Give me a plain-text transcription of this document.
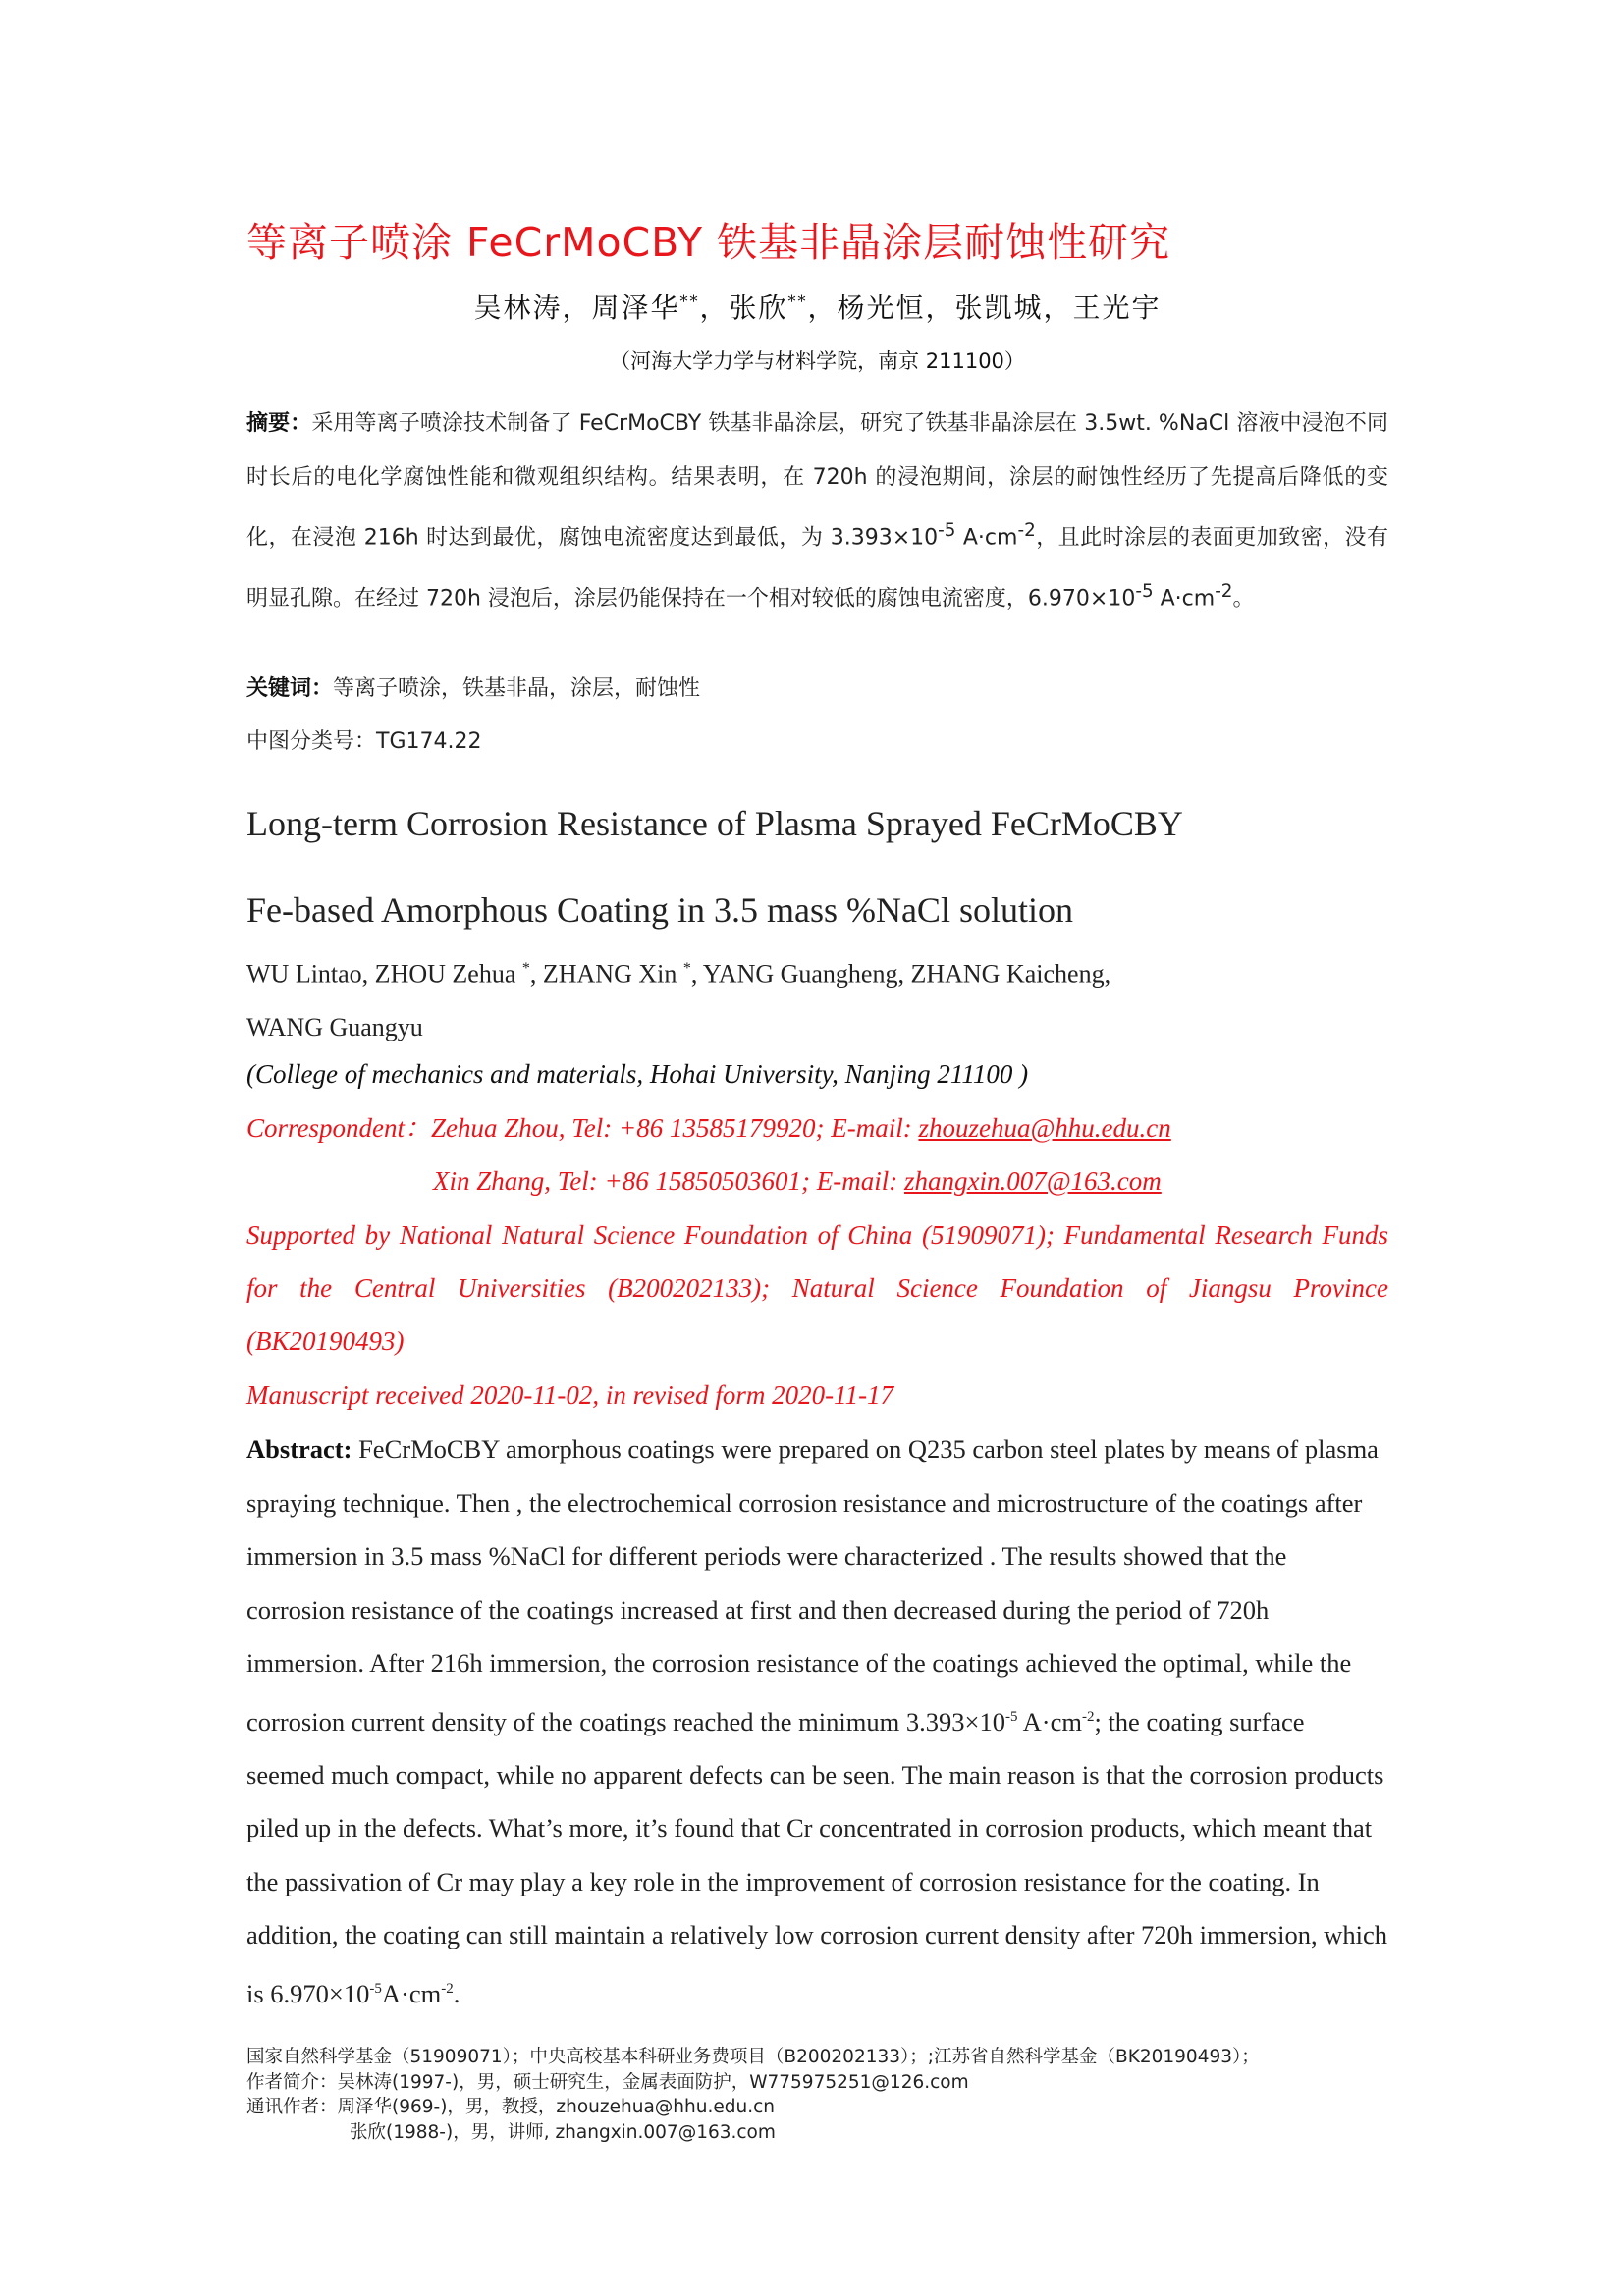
等离子喷涂 FeCrMoCBY 铁基非晶涂层耐蚀性研究
吴林涛，周泽华**，张欣**，杨光恒，张凯城，王光宇
（河海大学力学与材料学院，南京 211100）
摘要：采用等离子喷涂技术制备了 FeCrMoCBY 铁基非晶涂层，研究了铁基非晶涂层在 3.5wt. %NaCl 溶液中浸泡不同时长后的电化学腐蚀性能和微观组织结构。结果表明，在 720h 的浸泡期间，涂层的耐蚀性经历了先提高后降低的变化，在浸泡 216h 时达到最优，腐蚀电流密度达到最低，为 $3.393\times 10^{-5}$ $A\cdot cm^{-2}$，且此时涂层的表面更加致密，没有明显孔隙。在经过 720h 浸泡后，涂层仍能保持在一个相对较低的腐蚀电流密度，$6.970\times 10^{-5}$ $A\cdot cm^{-2}$。
关键词：等离子喷涂，铁基非晶，涂层，耐蚀性
中图分类号：TG174.22
Long-term Corrosion Resistance of Plasma Sprayed FeCrMoCBY
Fe-based Amorphous Coating in 3.5 mass %NaCl solution
WU Lintao, ZHOU Zehua *, ZHANG Xin *, YANG Guangheng, ZHANG Kaicheng,
WANG Guangyu
(College of mechanics and materials, Hohai University, Nanjing 211100 )
Correspondent：Zehua Zhou, Tel: +86 13585179920; E-mail: zhouzehua@hhu.edu.cn
Xin Zhang, Tel: +86 15850503601; E-mail: zhangxin.007@163.com
Supported by National Natural Science Foundation of China (51909071); Fundamental Research Funds for the Central Universities (B200202133); Natural Science Foundation of Jiangsu Province (BK20190493)
Manuscript received 2020-11-02, in revised form 2020-11-17
Abstract: FeCrMoCBY amorphous coatings were prepared on Q235 carbon steel plates by means of plasma spraying technique. Then , the electrochemical corrosion resistance and microstructure of the coatings after immersion in 3.5 mass %NaCl for different periods were characterized . The results showed that the corrosion resistance of the coatings increased at first and then decreased during the period of 720h immersion. After 216h immersion, the corrosion resistance of the coatings achieved the optimal, while the corrosion current density of the coatings reached the minimum $3.393\times 10^{-5}$ $A\cdot cm^{-2}$; the coating surface seemed much compact, while no apparent defects can be seen. The main reason is that the corrosion products piled up in the defects. What’s more, it’s found that Cr concentrated in corrosion products, which meant that the passivation of Cr may play a key role in the improvement of corrosion resistance for the coating. In addition, the coating can still maintain a relatively low corrosion current density after 720h immersion, which is $6.970\times 10^{-5}A\cdot cm^{-2}$.
国家自然科学基金（51909071）；中央高校基本科研业务费项目（B200202133）；;江苏省自然科学基金（BK20190493）；
作者简介：吴林涛(1997-)，男，硕士研究生，金属表面防护，W775975251@126.com
通讯作者：周泽华(969-)，男，教授，zhouzehua@hhu.edu.cn
张欣(1988-)，男，讲师, zhangxin.007@163.com
